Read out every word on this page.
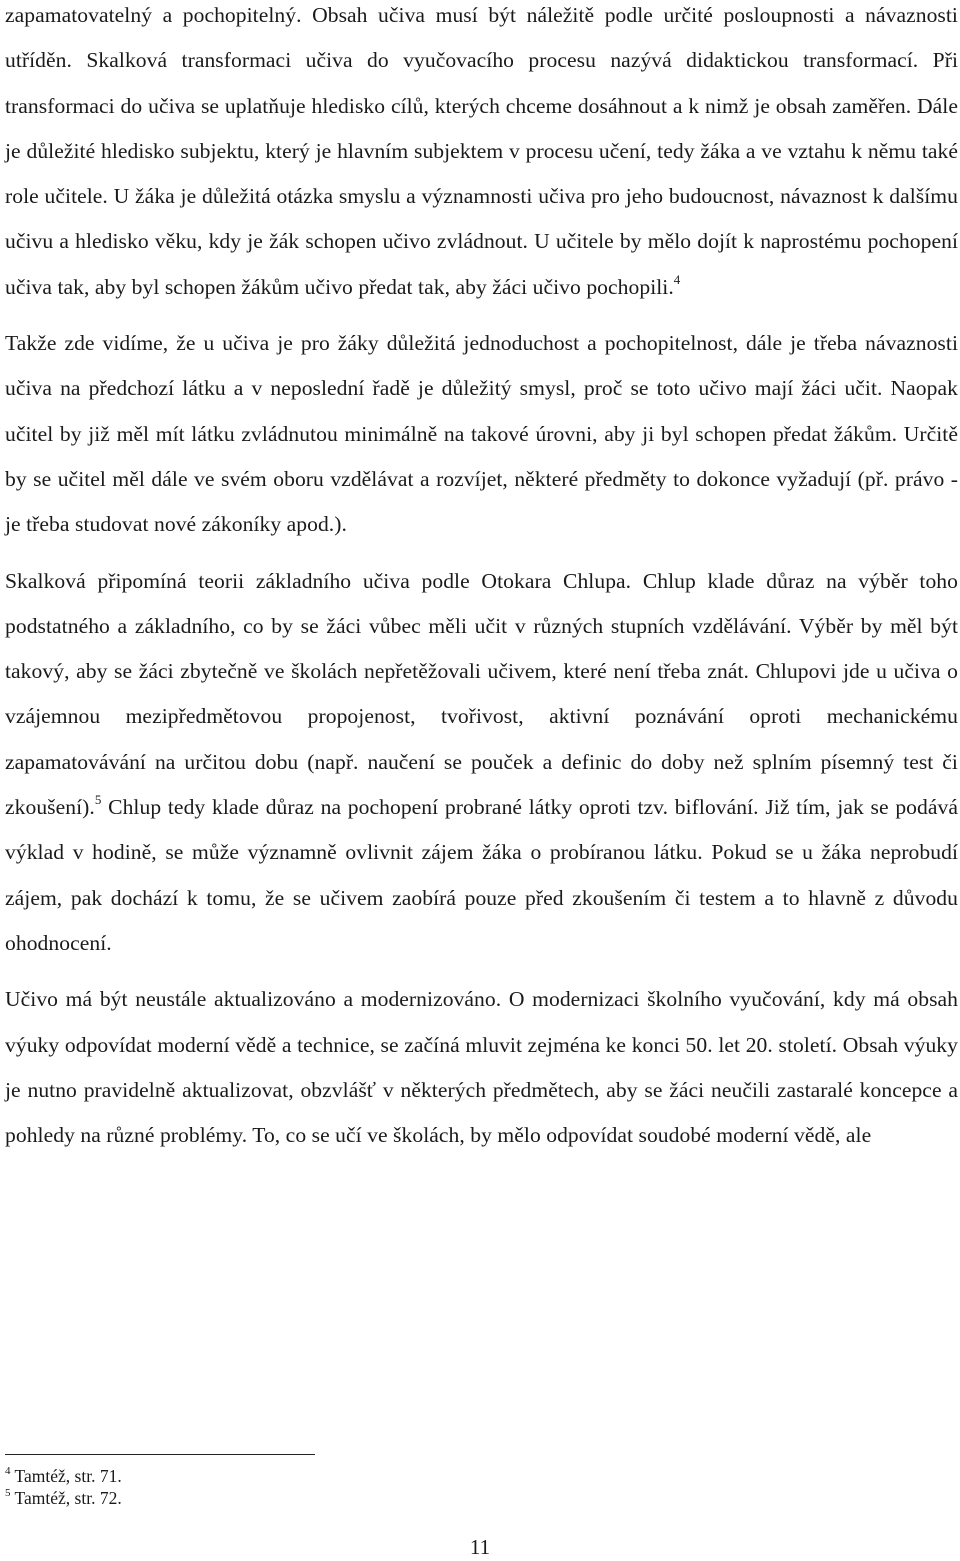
zapamatovatelný a pochopitelný. Obsah učiva musí být náležitě podle určité posloupnosti a návaznosti utříděn. Skalková transformaci učiva do vyučovacího procesu nazývá didaktickou transformací. Při transformaci do učiva se uplatňuje hledisko cílů, kterých chceme dosáhnout a k nimž je obsah zaměřen. Dále je důležité hledisko subjektu, který je hlavním subjektem v procesu učení, tedy žáka a ve vztahu k němu také role učitele. U žáka je důležitá otázka smyslu a významnosti učiva pro jeho budoucnost, návaznost k dalšímu učivu a hledisko věku, kdy je žák schopen učivo zvládnout. U učitele by mělo dojít k naprostému pochopení učiva tak, aby byl schopen žákům učivo předat tak, aby žáci učivo pochopili.$^4$

Takže zde vidíme, že u učiva je pro žáky důležitá jednoduchost a pochopitelnost, dále je třeba návaznosti učiva na předchozí látku a v neposlední řadě je důležitý smysl, proč se toto učivo mají žáci učit. Naopak učitel by již měl mít látku zvládnutou minimálně na takové úrovni, aby ji byl schopen předat žákům. Určitě by se učitel měl dále ve svém oboru vzdělávat a rozvíjet, některé předměty to dokonce vyžadují (př. právo - je třeba studovat nové zákoníky apod.).

Skalková připomíná teorii základního učiva podle Otokara Chlupa. Chlup klade důraz na výběr toho podstatného a základního, co by se žáci vůbec měli učit v různých stupních vzdělávání. Výběr by měl být takový, aby se žáci zbytečně ve školách nepřetěžovali učivem, které není třeba znát. Chlupovi jde u učiva o vzájemnou mezipředmětovou propojenost, tvořivost, aktivní poznávání oproti mechanickému zapamatovávání na určitou dobu (např. naučení se pouček a definic do doby než splním písemný test či zkoušení).$^5$ Chlup tedy klade důraz na pochopení probrané látky oproti tzv. biflování. Již tím, jak se podává výklad v hodině, se může významně ovlivnit zájem žáka o probíranou látku. Pokud se u žáka neprobudí zájem, pak dochází k tomu, že se učivem zaobírá pouze před zkoušením či testem a to hlavně z důvodu ohodnocení.

Učivo má být neustále aktualizováno a modernizováno. O modernizaci školního vyučování, kdy má obsah výuky odpovídat moderní vědě a technice, se začíná mluvit zejména ke konci 50. let 20. století. Obsah výuky je nutno pravidelně aktualizovat, obzvlášť v některých předmětech, aby se žáci neučili zastaralé koncepce a pohledy na různé problémy. To, co se učí ve školách, by mělo odpovídat soudobé moderní vědě, ale

$^4$ Tamtéž, str. 71.
$^5$ Tamtéž, str. 72.
11
